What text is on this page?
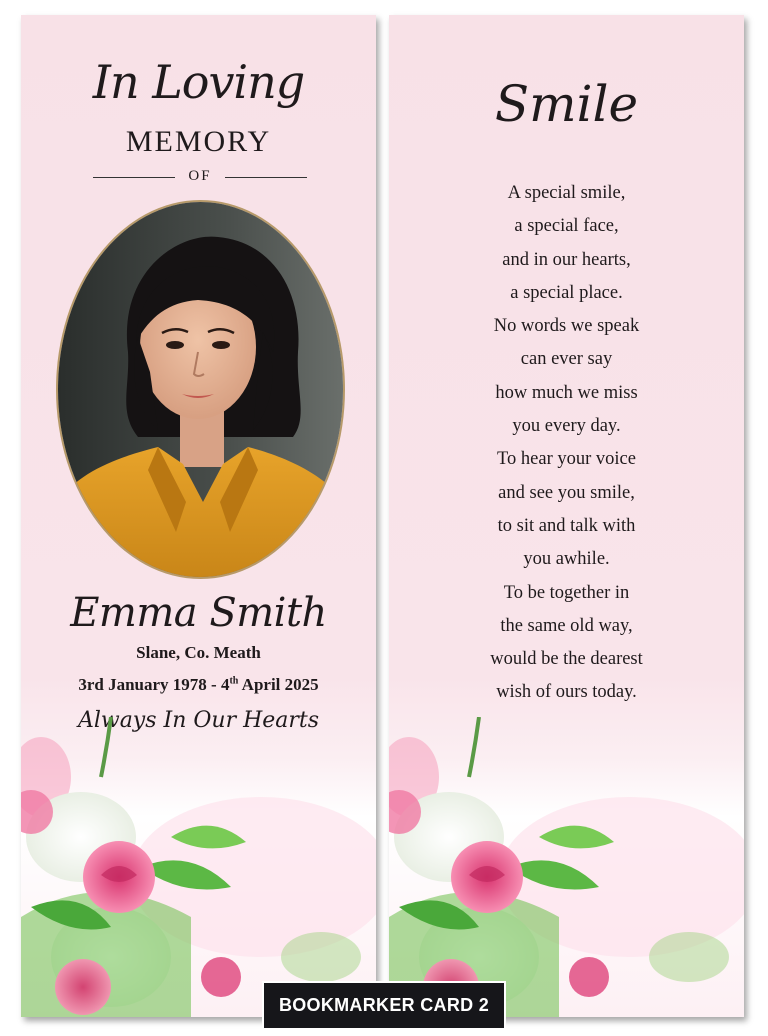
In Loving
MEMORY
OF
Emma Smith
Slane, Co. Meath
3rd January 1978 - 4th April 2025
Always In Our Hearts
Smile
A special smile,
a special face,
and in our hearts,
a special place.
No words we speak
can ever say
how much we miss
you every day.
To hear your voice
and see you smile,
to sit and talk with
you awhile.
To be together in
the same old way,
would be the dearest
wish of ours today.
BOOKMARKER CARD 2
